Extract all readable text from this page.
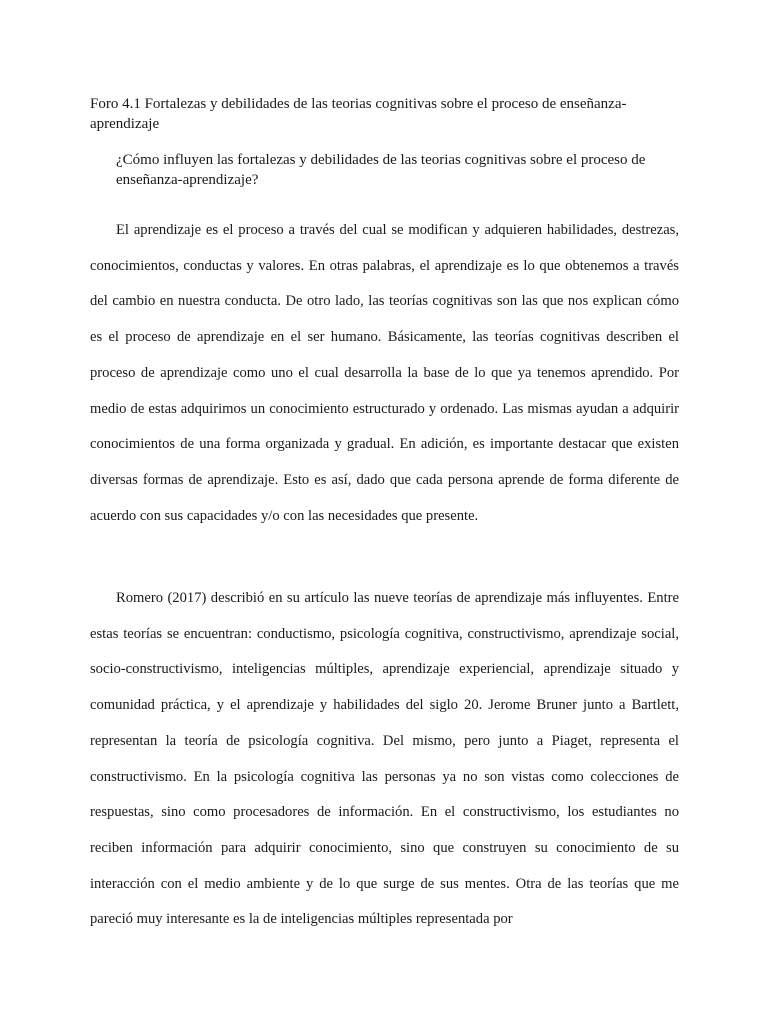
Foro 4.1 Fortalezas y debilidades de las teorias cognitivas sobre el proceso de enseñanza-aprendizaje

¿Cómo influyen las fortalezas y debilidades de las teorias cognitivas sobre el proceso de enseñanza-aprendizaje?

El aprendizaje es el proceso a través del cual se modifican y adquieren habilidades, destrezas, conocimientos, conductas y valores. En otras palabras, el aprendizaje es lo que obtenemos a través del cambio en nuestra conducta. De otro lado, las teorías cognitivas son las que nos explican cómo es el proceso de aprendizaje en el ser humano. Básicamente, las teorías cognitivas describen el proceso de aprendizaje como uno el cual desarrolla la base de lo que ya tenemos aprendido. Por medio de estas adquirimos un conocimiento estructurado y ordenado. Las mismas ayudan a adquirir conocimientos de una forma organizada y gradual. En adición, es importante destacar que existen diversas formas de aprendizaje. Esto es así, dado que cada persona aprende de forma diferente de acuerdo con sus capacidades y/o con las necesidades que presente.

Romero (2017) describió en su artículo las nueve teorías de aprendizaje más influyentes. Entre estas teorías se encuentran: conductismo, psicología cognitiva, constructivismo, aprendizaje social, socio-constructivismo, inteligencias múltiples, aprendizaje experiencial, aprendizaje situado y comunidad práctica, y el aprendizaje y habilidades del siglo 20. Jerome Bruner junto a Bartlett, representan la teoría de psicología cognitiva. Del mismo, pero junto a Piaget, representa el constructivismo. En la psicología cognitiva las personas ya no son vistas como colecciones de respuestas, sino como procesadores de información. En el constructivismo, los estudiantes no reciben información para adquirir conocimiento, sino que construyen su conocimiento de su interacción con el medio ambiente y de lo que surge de sus mentes. Otra de las teorías que me pareció muy interesante es la de inteligencias múltiples representada por
